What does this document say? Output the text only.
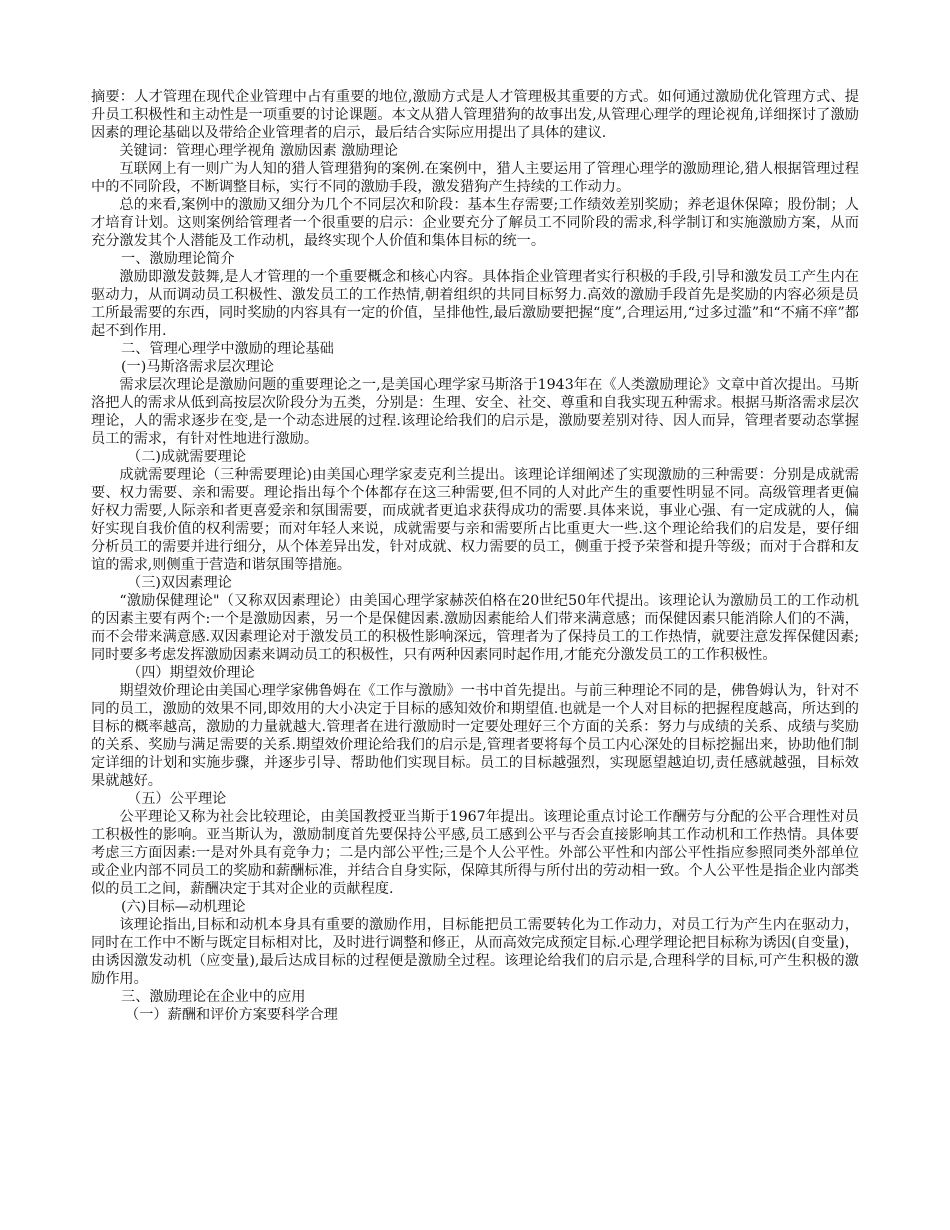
摘要：人才管理在现代企业管理中占有重要的地位,激励方式是人才管理极其重要的方式。如何通过激励优化管理方式、提升员工积极性和主动性是一项重要的讨论课题。本文从猎人管理猎狗的故事出发,从管理心理学的理论视角,详细探讨了激励因素的理论基础以及带给企业管理者的启示，最后结合实际应用提出了具体的建议.

关键词：管理心理学视角 激励因素 激励理论

互联网上有一则广为人知的猎人管理猎狗的案例.在案例中，猎人主要运用了管理心理学的激励理论,猎人根据管理过程中的不同阶段，不断调整目标，实行不同的激励手段，激发猎狗产生持续的工作动力。

总的来看,案例中的激励又细分为几个不同层次和阶段：基本生存需要;工作绩效差别奖励；养老退休保障；股份制；人才培育计划。这则案例给管理者一个很重要的启示：企业要充分了解员工不同阶段的需求,科学制订和实施激励方案，从而充分激发其个人潜能及工作动机，最终实现个人价值和集体目标的统一。

一、激励理论简介

激励即激发鼓舞,是人才管理的一个重要概念和核心内容。具体指企业管理者实行积极的手段,引导和激发员工产生内在驱动力，从而调动员工积极性、激发员工的工作热情,朝着组织的共同目标努力.高效的激励手段首先是奖励的内容必须是员工所最需要的东西，同时奖励的内容具有一定的价值，呈排他性,最后激励要把握“度”,合理运用,“过多过滥”和“不痛不痒”都起不到作用.

二、管理心理学中激励的理论基础

(一)马斯洛需求层次理论

需求层次理论是激励问题的重要理论之一,是美国心理学家马斯洛于1943年在《人类激励理论》文章中首次提出。马斯洛把人的需求从低到高按层次阶段分为五类，分别是：生理、安全、社交、尊重和自我实现五种需求。根据马斯洛需求层次理论，人的需求逐步在变,是一个动态进展的过程.该理论给我们的启示是，激励要差别对待、因人而异，管理者要动态掌握员工的需求，有针对性地进行激励。

（二)成就需要理论

成就需要理论（三种需要理论)由美国心理学家麦克利兰提出。该理论详细阐述了实现激励的三种需要：分别是成就需要、权力需要、亲和需要。理论指出每个个体都存在这三种需要,但不同的人对此产生的重要性明显不同。高级管理者更偏好权力需要,人际亲和者更喜爱亲和氛围需要，而成就者更追求获得成功的需要.具体来说，事业心强、有一定成就的人，偏好实现自我价值的权利需要；而对年轻人来说，成就需要与亲和需要所占比重更大一些.这个理论给我们的启发是，要仔细分析员工的需要并进行细分，从个体差异出发，针对成就、权力需要的员工，侧重于授予荣誉和提升等级；而对于合群和友谊的需求,则侧重于营造和谐氛围等措施。

（三)双因素理论

“激励保健理论"（又称双因素理论）由美国心理学家赫茨伯格在20世纪50年代提出。该理论认为激励员工的工作动机的因素主要有两个:一个是激励因素，另一个是保健因素.激励因素能给人们带来满意感；而保健因素只能消除人们的不满，而不会带来满意感.双因素理论对于激发员工的积极性影响深远，管理者为了保持员工的工作热情，就要注意发挥保健因素;同时要多考虑发挥激励因素来调动员工的积极性，只有两种因素同时起作用,才能充分激发员工的工作积极性。

（四）期望效价理论

期望效价理论由美国心理学家佛鲁姆在《工作与激励》一书中首先提出。与前三种理论不同的是，佛鲁姆认为，针对不同的员工，激励的效果不同,即效用的大小决定于目标的感知效价和期望值.也就是一个人对目标的把握程度越高，所达到的目标的概率越高，激励的力量就越大.管理者在进行激励时一定要处理好三个方面的关系：努力与成绩的关系、成绩与奖励的关系、奖励与满足需要的关系.期望效价理论给我们的启示是,管理者要将每个员工内心深处的目标挖掘出来，协助他们制定详细的计划和实施步骤，并逐步引导、帮助他们实现目标。员工的目标越强烈，实现愿望越迫切,责任感就越强，目标效果就越好。

（五）公平理论

公平理论又称为社会比较理论，由美国教授亚当斯于1967年提出。该理论重点讨论工作酬劳与分配的公平合理性对员工积极性的影响。亚当斯认为，激励制度首先要保持公平感,员工感到公平与否会直接影响其工作动机和工作热情。具体要考虑三方面因素:一是对外具有竞争力；二是内部公平性;三是个人公平性。外部公平性和内部公平性指应参照同类外部单位或企业内部不同员工的奖励和薪酬标准，并结合自身实际，保障其所得与所付出的劳动相一致。个人公平性是指企业内部类似的员工之间，薪酬决定于其对企业的贡献程度.

(六)目标—动机理论

该理论指出,目标和动机本身具有重要的激励作用，目标能把员工需要转化为工作动力，对员工行为产生内在驱动力，同时在工作中不断与既定目标相对比，及时进行调整和修正，从而高效完成预定目标.心理学理论把目标称为诱因(自变量)，由诱因激发动机（应变量),最后达成目标的过程便是激励全过程。该理论给我们的启示是,合理科学的目标,可产生积极的激励作用。

三、激励理论在企业中的应用

（一）薪酬和评价方案要科学合理
